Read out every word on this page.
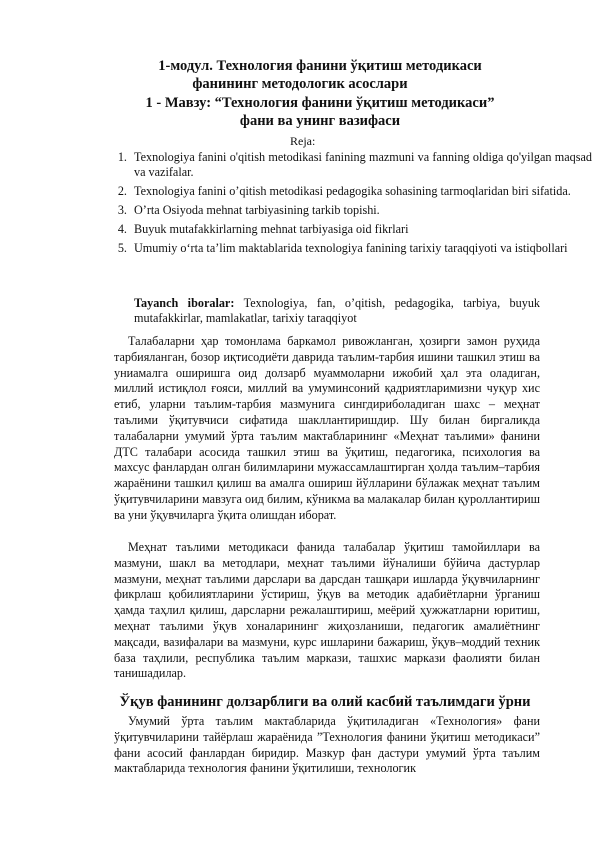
1-модул. Технология фанини ўқитиш методикаси

фанининг методологик асослари

1 - Мавзу: “Технология фанини ўқитиш методикаси”

фани ва унинг вазифаси

Reja:

1. Texnologiya fanini o'qitish metodikasi fanining mazmuni va fanning oldiga qo'yilgan maqsad va vazifalar.
2. Texnologiya fanini o’qitish metodikasi pedagogika sohasining tarmoqlaridan biri sifatida.
3. O’rta Osiyoda mehnat tarbiyasining tarkib topishi.
4. Buyuk mutafakkirlarning mehnat tarbiyasiga oid fikrlari
5. Umumiy o‘rta ta’lim maktablarida texnologiya fanining tarixiy taraqqiyoti va istiqbollari

Tayanch iboralar: Texnologiya, fan, o’qitish, pedagogika, tarbiya, buyuk mutafakkirlar, mamlakatlar, tarixiy taraqqiyot

Талабаларни ҳар томонлама баркамол ривожланган, ҳозирги замон руҳида тарбияланган, бозор иқтисодиёти даврида таълим-тарбия ишини ташкил этиш ва униамалга оширишга оид долзарб муаммоларни ижобий ҳал эта оладиган, миллий истиқлол ғояси, миллий ва умуминсоний қадриятларимизни чуқур хис етиб, уларни таълим-тарбия мазмунига сингдириболадиган шахс – меҳнат таълими ўқитувчиси сифатида шакллантиришдир. Шу билан биргаликда талабаларни умумий ўрта таълим мактабларининг «Меҳнат таълими» фанини ДТС талабари асосида ташкил этиш ва ўқитиш, педагогика, психология ва махсус фанлардан олган билимларини мужассамлаштирган ҳолда таълим–тарбия жараёнини ташкил қилиш ва амалга ошириш йўлларини бўлажак меҳнат таълим ўқитувчиларини мавзуга оид билим, кўникма ва малакалар билан қуроллантириш ва уни ўқувчиларга ўқита олишдан иборат.

Меҳнат таълими методикаси фанида талабалар ўқитиш тамойиллари ва мазмуни, шакл ва методлари, меҳнат таълими йўналиши бўйича дастурлар мазмуни, меҳнат таълими дарслари ва дарсдан ташқари ишларда ўқувчиларнинг фикрлаш қобилиятларини ўстириш, ўқув ва методик адабиётларни ўрганиш ҳамда таҳлил қилиш, дарсларни режалаштириш, меёрий ҳужжатларни юритиш, меҳнат таълими ўқув хоналарининг жиҳозланиши, педагогик амалиётнинг мақсади, вазифалари ва мазмуни, курс ишларини бажариш, ўқув–моддий техник база таҳлили, республика таълим маркази, ташхис маркази фаолияти билан танишадилар.

Ўқув фанининг долзарблиги ва олий касбий таълимдаги ўрни

Умумий ўрта таълим мактабларида ўқитиладиган «Технология» фани ўқитувчиларини тайёрлаш жараёнида ”Технология фанини ўқитиш методикаси” фани асосий фанлардан биридир. Мазкур фан дастури умумий ўрта таълим мактабларида технология фанини ўқитилиши, технологик
